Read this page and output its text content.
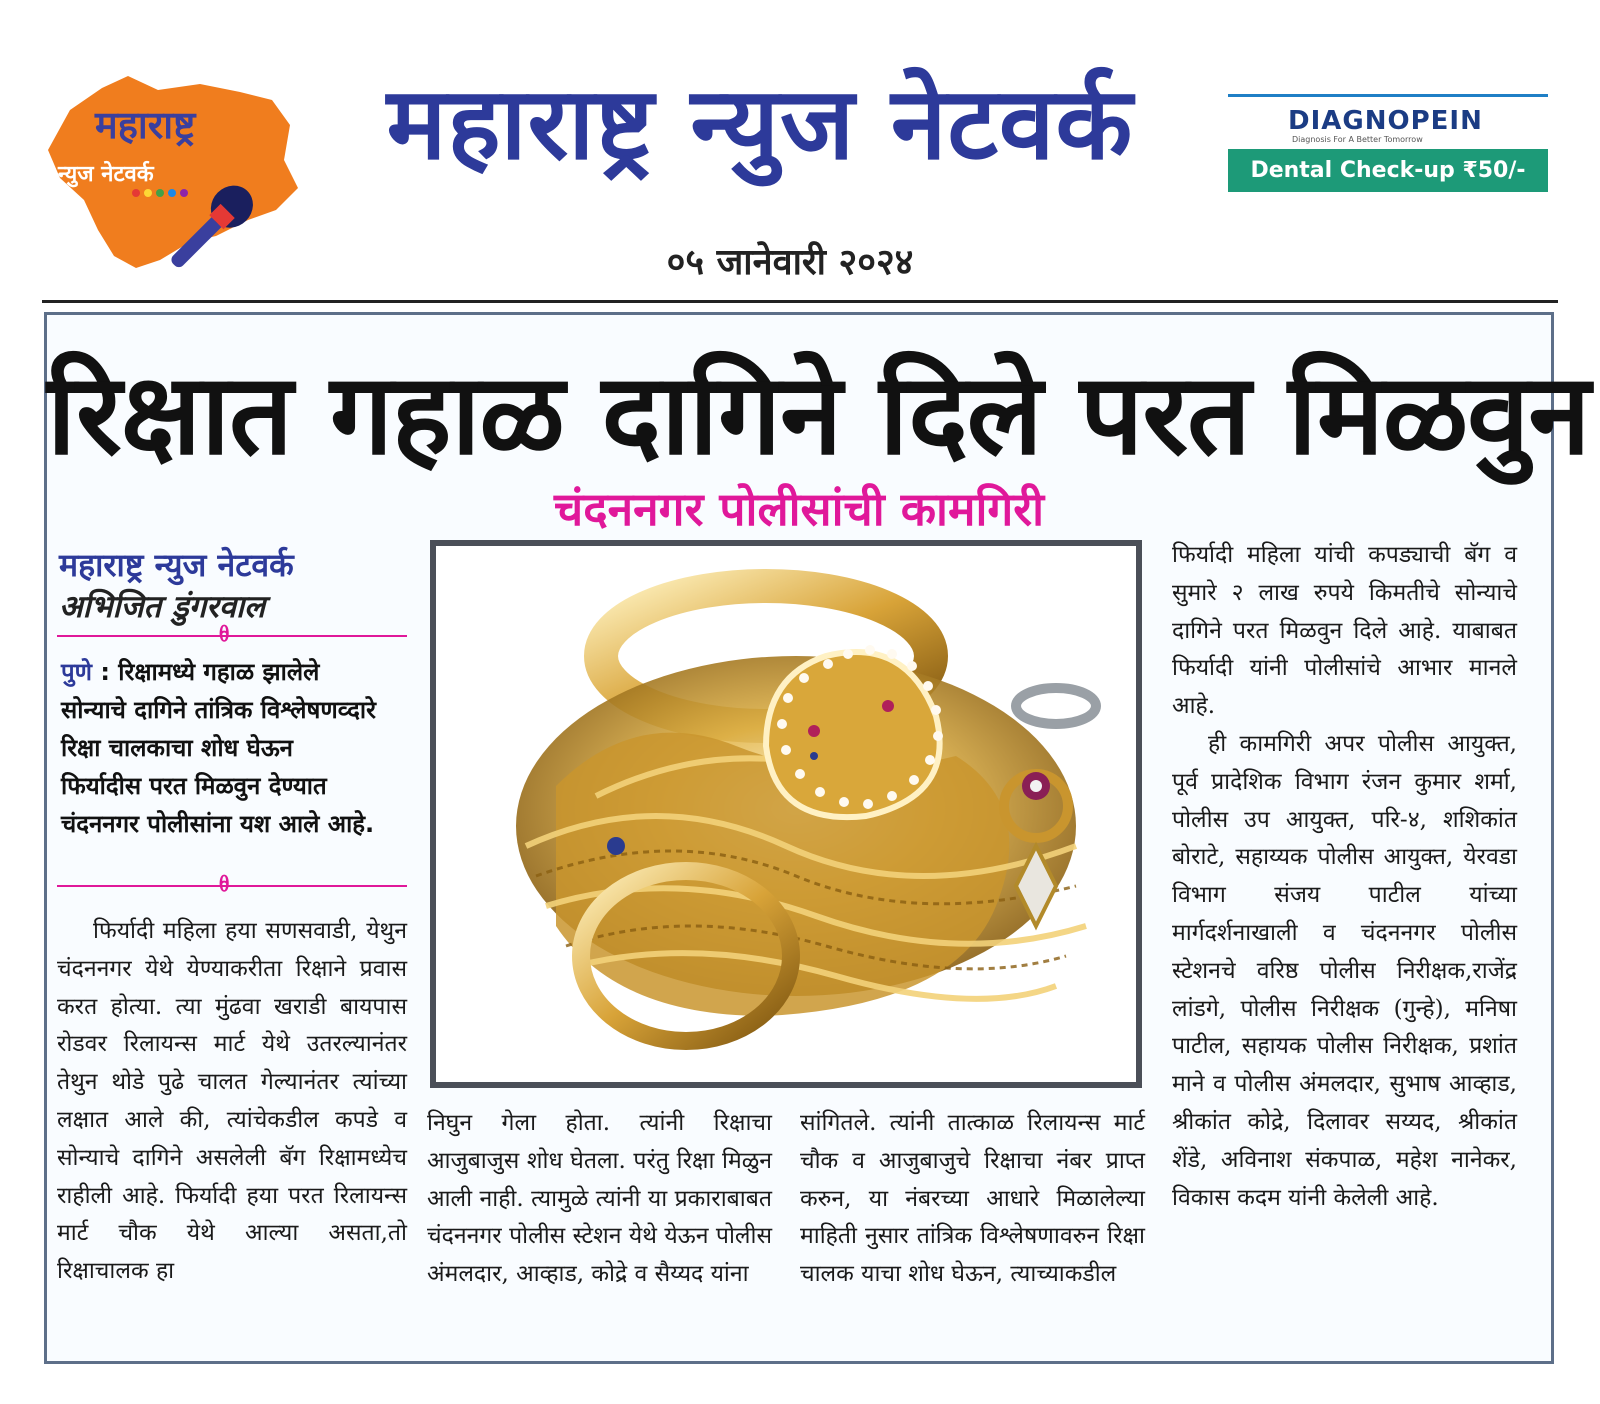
महाराष्ट्र
न्युज नेटवर्क	महाराष्ट्र न्युज नेटवर्क
०५ जानेवारी २०२४
DIAGNOPEIN
Diagnosis For A Better Tomorrow
Dental Check-up ₹50/-
रिक्षात गहाळ दागिने दिले परत मिळवुन
चंदननगर पोलीसांची कामगिरी
महाराष्ट्र न्युज नेटवर्क
अभिजित डुंगरवाल
ᦲ
पुणे : रिक्षामध्ये गहाळ झालेले सोन्याचे दागिने तांत्रिक विश्लेषणव्दारे रिक्षा चालकाचा शोध घेऊन फिर्यादीस परत मिळवुन देण्यात चंदननगर पोलीसांना यश आले आहे.
ᦲ

फिर्यादी महिला हया सणसवाडी, येथुन चंदननगर येथे येण्याकरीता रिक्षाने प्रवास करत होत्या. त्या मुंढवा खराडी बायपास रोडवर रिलायन्स मार्ट येथे उतरल्यानंतर तेथुन थोडे पुढे चालत गेल्यानंतर त्यांच्या लक्षात आले की, त्यांचेकडील कपडे व सोन्याचे दागिने असलेली बॅग रिक्षामध्येच राहीली आहे. फिर्यादी हया परत रिलायन्स मार्ट चौक येथे आल्या असता,तो रिक्षाचालक हा

निघुन गेला होता. त्यांनी रिक्षाचा आजुबाजुस शोध घेतला. परंतु रिक्षा मिळुन आली नाही. त्यामुळे त्यांनी या प्रकाराबाबत चंदननगर पोलीस स्टेशन येथे येऊन पोलीस अंमलदार, आव्हाड, कोद्रे व सैय्यद यांना

सांगितले. त्यांनी तात्काळ रिलायन्स मार्ट चौक व आजुबाजुचे रिक्षाचा नंबर प्राप्त करुन, या नंबरच्या आधारे मिळालेल्या माहिती नुसार तांत्रिक विश्लेषणावरुन रिक्षा चालक याचा शोध घेऊन, त्याच्याकडील

फिर्यादी महिला यांची कपड्याची बॅग व सुमारे २ लाख रुपये किमतीचे सोन्याचे दागिने परत मिळवुन दिले आहे. याबाबत फिर्यादी यांनी पोलीसांचे आभार मानले आहे.

ही कामगिरी अपर पोलीस आयुक्त, पूर्व प्रादेशिक विभाग रंजन कुमार शर्मा, पोलीस उप आयुक्त, परि-४, शशिकांत बोराटे, सहाय्यक पोलीस आयुक्त, येरवडा विभाग संजय पाटील यांच्या मार्गदर्शनाखाली व चंदननगर पोलीस स्टेशनचे वरिष्ठ पोलीस निरीक्षक,राजेंद्र लांडगे, पोलीस निरीक्षक (गुन्हे), मनिषा पाटील, सहायक पोलीस निरीक्षक, प्रशांत माने व पोलीस अंमलदार, सुभाष आव्हाड, श्रीकांत कोद्रे, दिलावर सय्यद, श्रीकांत शेंडे, अविनाश संकपाळ, महेश नानेकर, विकास कदम यांनी केलेली आहे.
